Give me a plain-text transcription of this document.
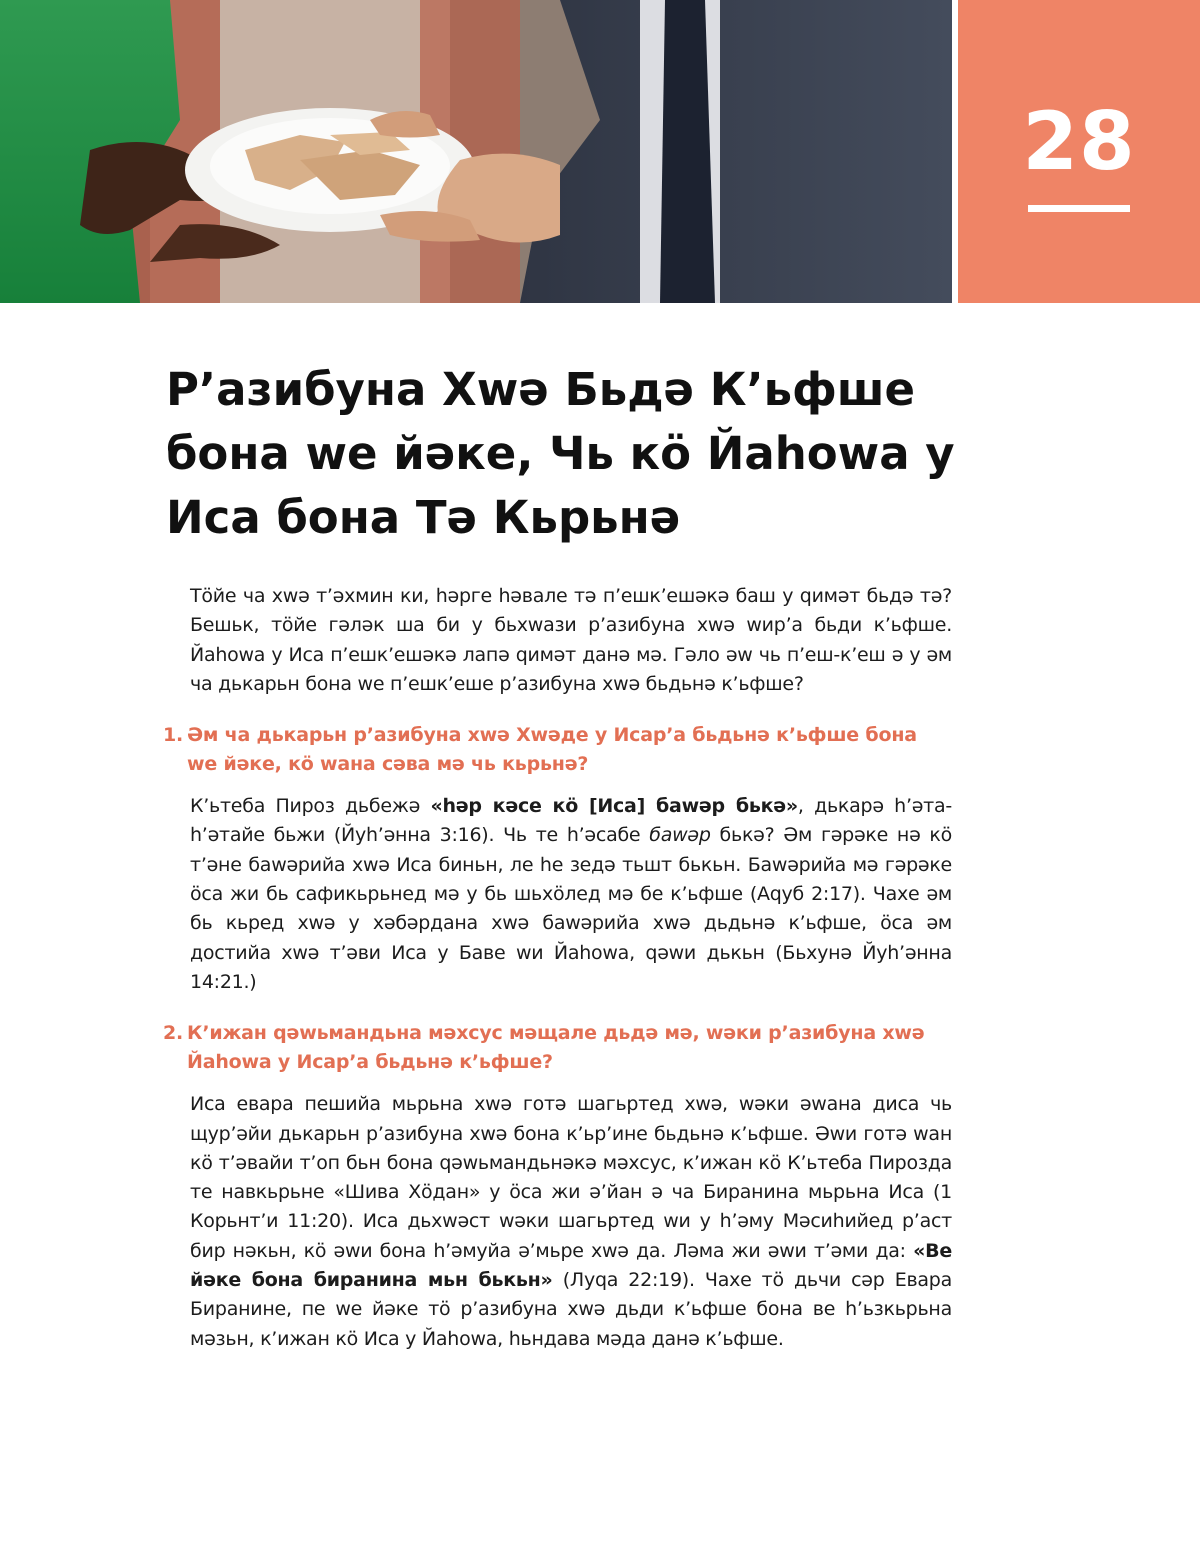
28
Р’азибуна Хwə Бьдə К’ьфше
бона wе йəке, Чь кӧ Йаһоwа у
Иса бона Тə Кьрьнə

Тӧйе ча хwə т’əхмин ки, һəрге һəвале тə п’ешк’ешəкə баш у qимəт бьдə тə? Бешьк, тӧйе гəлəк ша би у бьхwази р’азибуна хwə wир’а бьди к’ьфше. Йаһоwа у Иса п’ешк’ешəкə лапə qимəт данə мə. Гəло əw чь п’еш-к’еш ə у əм ча дькарьн бона wе п’ешк’еше р’азибуна хwə бьдьнə к’ьфше?

1. Əм ча дькарьн р’азибуна хwə Хwəде у Исар’а бьдьнə к’ьфше бона wе йəке, кӧ wана сəва мə чь кьрьнə?

К’ьтеба Пироз дьбежə «һəр кəсе кӧ [Иса] баwəр бькə», дькарə һ’əта-һ’əтайе бьжи (Йуһ’əнна 3:16). Чь те һ’əсабе баwəр бькə? Əм гəрəке нə кӧ т’əне баwəрийа хwə Иса биньн, ле һе зедə тьшт бькьн. Баwəрийа мə гəрəке ӧса жи бь сафикьрьнед мə у бь шьхӧлед мə бе к’ьфше (Аqуб 2:17). Чахе əм бь кьред хwə у хəбəрдана хwə баwəрийа хwə дьдьнə к’ьфше, ӧса əм достийа хwə т’əви Иса у Баве wи Йаһоwа, qəwи дькьн (Бьхунə Йуһ’əнна 14:21.)

2. К’ижан qəwьмандьна мəхсус мəщале дьдə мə, wəки р’азибуна хwə Йаһоwа у Исар’а бьдьнə к’ьфше?

Иса евара пешийа мьрьна хwə готə шагьртед хwə, wəки əwана диса чь щур’əйи дькарьн р’азибуна хwə бона к’ьр’ине бьдьнə к’ьфше. Əwи готə wан кӧ т’əвайи т’оп бьн бона qəwьмандьнəкə мəхсус, к’ижан кӧ К’ьтеба Пирозда те навкьрьне «Шива Хӧдан» у ӧса жи ə’йан ə ча Биранина мьрьна Иса (1 Корьнт’и 11:20). Иса дьхwəст wəки шагьртед wи у һ’əму Мəсиһийед р’аст бир нəкьн, кӧ əwи бона һ’əмуйа ə’мьре хwə да. Лəма жи əwи т’əми да: «Ве йəке бона биранина мьн бькьн» (Луqа 22:19). Чахе тӧ дьчи сəр Евара Биранине, пе wе йəке тӧ р’азибуна хwə дьди к’ьфше бона ве һ’ьзкьрьна мəзьн, к’ижан кӧ Иса у Йаһоwа, һьндава мəда данə к’ьфше.
